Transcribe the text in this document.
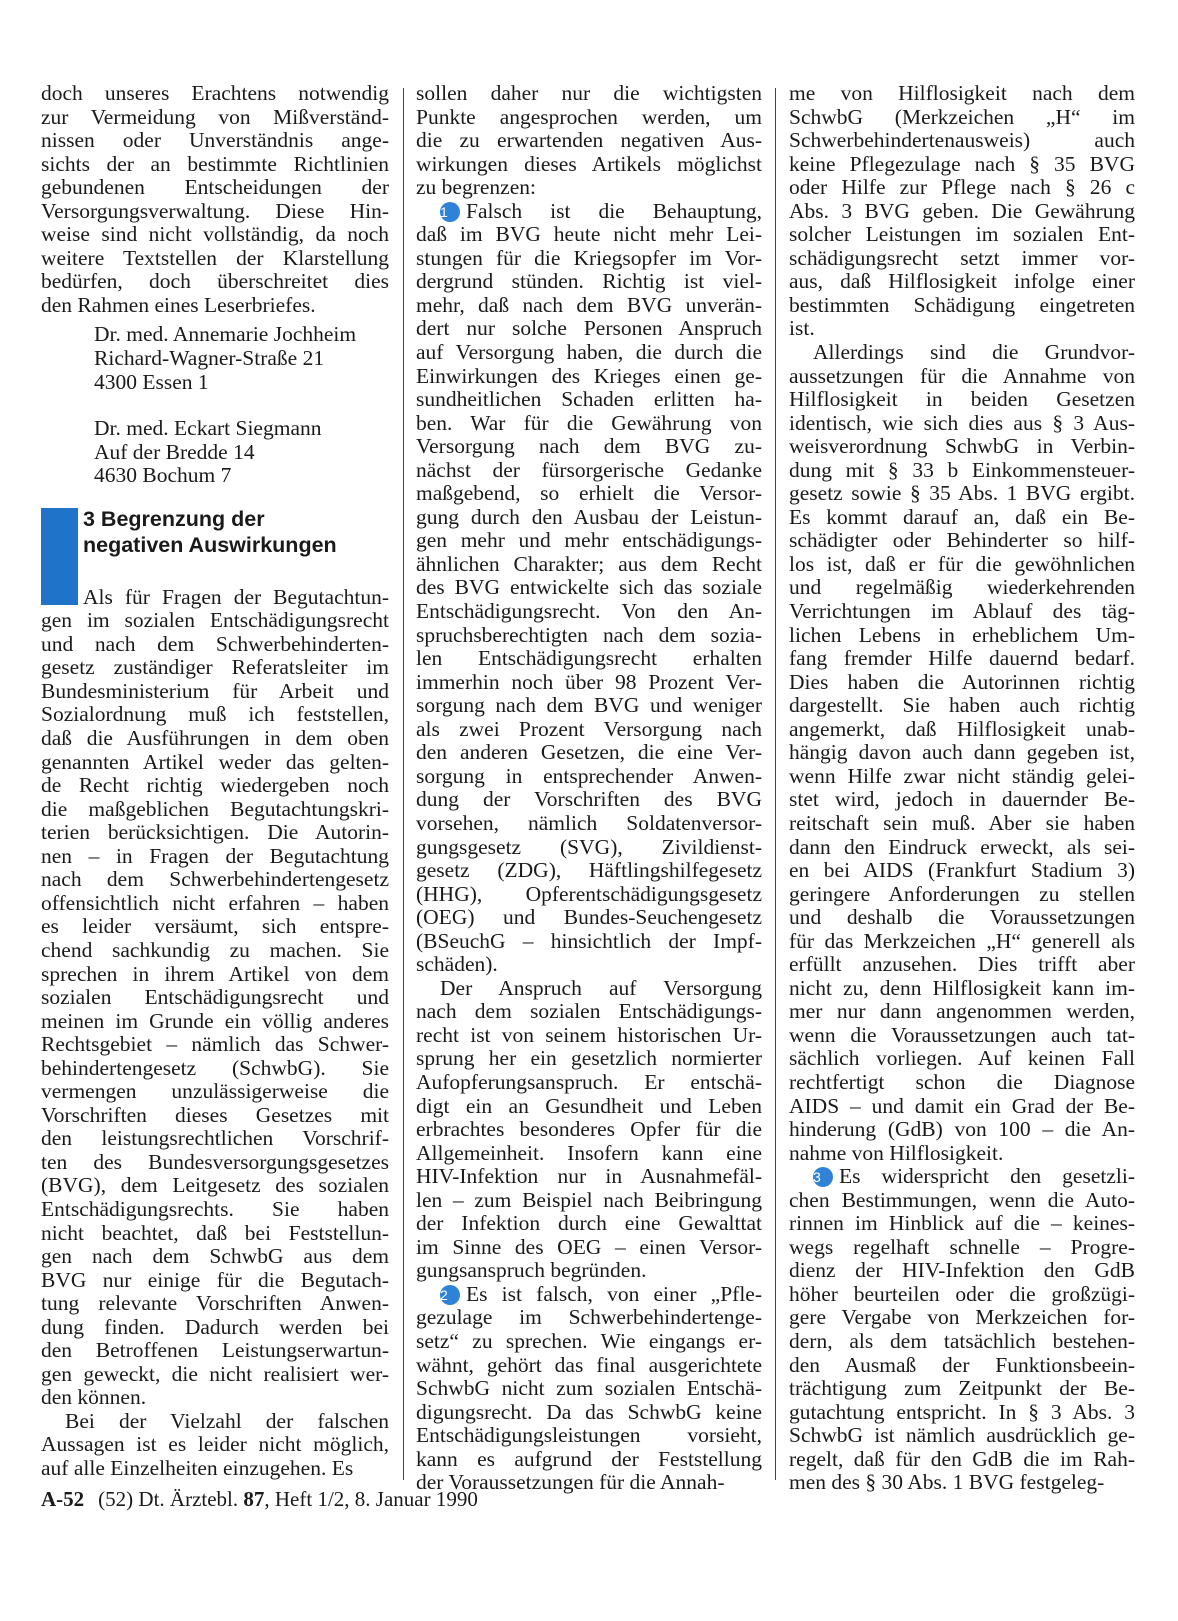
doch unseres Erachtens notwendig
zur Vermeidung von Mißverständ-
nissen oder Unverständnis ange-
sichts der an bestimmte Richtlinien
gebundenen Entscheidungen der
Versorgungsverwaltung. Diese Hin-
weise sind nicht vollständig, da noch
weitere Textstellen der Klarstellung
bedürfen, doch überschreitet dies
den Rahmen eines Leserbriefes.
Dr. med. Annemarie Jochheim
Richard-Wagner-Straße 21
4300 Essen 1
Dr. med. Eckart Siegmann
Auf der Bredde 14
4630 Bochum 7
3 Begrenzung der
negativen Auswirkungen
Als für Fragen der Begutachtun-
gen im sozialen Entschädigungsrecht
und nach dem Schwerbehinderten-
gesetz zuständiger Referatsleiter im
Bundesministerium für Arbeit und
Sozialordnung muß ich feststellen,
daß die Ausführungen in dem oben
genannten Artikel weder das gelten-
de Recht richtig wiedergeben noch
die maßgeblichen Begutachtungskri-
terien berücksichtigen. Die Autorin-
nen – in Fragen der Begutachtung
nach dem Schwerbehindertengesetz
offensichtlich nicht erfahren – haben
es leider versäumt, sich entspre-
chend sachkundig zu machen. Sie
sprechen in ihrem Artikel von dem
sozialen Entschädigungsrecht und
meinen im Grunde ein völlig anderes
Rechtsgebiet – nämlich das Schwer-
behindertengesetz (SchwbG). Sie
vermengen unzulässigerweise die
Vorschriften dieses Gesetzes mit
den leistungsrechtlichen Vorschrif-
ten des Bundesversorgungsgesetzes
(BVG), dem Leitgesetz des sozialen
Entschädigungsrechts. Sie haben
nicht beachtet, daß bei Feststellun-
gen nach dem SchwbG aus dem
BVG nur einige für die Begutach-
tung relevante Vorschriften Anwen-
dung finden. Dadurch werden bei
den Betroffenen Leistungserwartun-
gen geweckt, die nicht realisiert wer-
den können.
Bei der Vielzahl der falschen
Aussagen ist es leider nicht möglich,
auf alle Einzelheiten einzugehen. Es
sollen daher nur die wichtigsten
Punkte angesprochen werden, um
die zu erwartenden negativen Aus-
wirkungen dieses Artikels möglichst
zu begrenzen:
1 Falsch ist die Behauptung,
daß im BVG heute nicht mehr Lei-
stungen für die Kriegsopfer im Vor-
dergrund stünden. Richtig ist viel-
mehr, daß nach dem BVG unverän-
dert nur solche Personen Anspruch
auf Versorgung haben, die durch die
Einwirkungen des Krieges einen ge-
sundheitlichen Schaden erlitten ha-
ben. War für die Gewährung von
Versorgung nach dem BVG zu-
nächst der fürsorgerische Gedanke
maßgebend, so erhielt die Versor-
gung durch den Ausbau der Leistun-
gen mehr und mehr entschädigungs-
ähnlichen Charakter; aus dem Recht
des BVG entwickelte sich das soziale
Entschädigungsrecht. Von den An-
spruchsberechtigten nach dem sozia-
len Entschädigungsrecht erhalten
immerhin noch über 98 Prozent Ver-
sorgung nach dem BVG und weniger
als zwei Prozent Versorgung nach
den anderen Gesetzen, die eine Ver-
sorgung in entsprechender Anwen-
dung der Vorschriften des BVG
vorsehen, nämlich Soldatenversor-
gungsgesetz (SVG), Zivildienst-
gesetz (ZDG), Häftlingshilfegesetz
(HHG), Opferentschädigungsgesetz
(OEG) und Bundes-Seuchengesetz
(BSeuchG – hinsichtlich der Impf-
schäden).
Der Anspruch auf Versorgung
nach dem sozialen Entschädigungs-
recht ist von seinem historischen Ur-
sprung her ein gesetzlich normierter
Aufopferungsanspruch. Er entschä-
digt ein an Gesundheit und Leben
erbrachtes besonderes Opfer für die
Allgemeinheit. Insofern kann eine
HIV-Infektion nur in Ausnahmefäl-
len – zum Beispiel nach Beibringung
der Infektion durch eine Gewalttat
im Sinne des OEG – einen Versor-
gungsanspruch begründen.
2 Es ist falsch, von einer „Pfle-
gezulage im Schwerbehindertenge-
setz“ zu sprechen. Wie eingangs er-
wähnt, gehört das final ausgerichtete
SchwbG nicht zum sozialen Entschä-
digungsrecht. Da das SchwbG keine
Entschädigungsleistungen vorsieht,
kann es aufgrund der Feststellung
der Voraussetzungen für die Annah-
me von Hilflosigkeit nach dem
SchwbG (Merkzeichen „H“ im
Schwerbehindertenausweis) auch
keine Pflegezulage nach § 35 BVG
oder Hilfe zur Pflege nach § 26 c
Abs. 3 BVG geben. Die Gewährung
solcher Leistungen im sozialen Ent-
schädigungsrecht setzt immer vor-
aus, daß Hilflosigkeit infolge einer
bestimmten Schädigung eingetreten
ist.
Allerdings sind die Grundvor-
aussetzungen für die Annahme von
Hilflosigkeit in beiden Gesetzen
identisch, wie sich dies aus § 3 Aus-
weisverordnung SchwbG in Verbin-
dung mit § 33 b Einkommensteuer-
gesetz sowie § 35 Abs. 1 BVG ergibt.
Es kommt darauf an, daß ein Be-
schädigter oder Behinderter so hilf-
los ist, daß er für die gewöhnlichen
und regelmäßig wiederkehrenden
Verrichtungen im Ablauf des täg-
lichen Lebens in erheblichem Um-
fang fremder Hilfe dauernd bedarf.
Dies haben die Autorinnen richtig
dargestellt. Sie haben auch richtig
angemerkt, daß Hilflosigkeit unab-
hängig davon auch dann gegeben ist,
wenn Hilfe zwar nicht ständig gelei-
stet wird, jedoch in dauernder Be-
reitschaft sein muß. Aber sie haben
dann den Eindruck erweckt, als sei-
en bei AIDS (Frankfurt Stadium 3)
geringere Anforderungen zu stellen
und deshalb die Voraussetzungen
für das Merkzeichen „H“ generell als
erfüllt anzusehen. Dies trifft aber
nicht zu, denn Hilflosigkeit kann im-
mer nur dann angenommen werden,
wenn die Voraussetzungen auch tat-
sächlich vorliegen. Auf keinen Fall
rechtfertigt schon die Diagnose
AIDS – und damit ein Grad der Be-
hinderung (GdB) von 100 – die An-
nahme von Hilflosigkeit.
3 Es widerspricht den gesetzli-
chen Bestimmungen, wenn die Auto-
rinnen im Hinblick auf die – keines-
wegs regelhaft schnelle – Progre-
dienz der HIV-Infektion den GdB
höher beurteilen oder die großzügi-
gere Vergabe von Merkzeichen for-
dern, als dem tatsächlich bestehen-
den Ausmaß der Funktionsbeein-
trächtigung zum Zeitpunkt der Be-
gutachtung entspricht. In § 3 Abs. 3
SchwbG ist nämlich ausdrücklich ge-
regelt, daß für den GdB die im Rah-
men des § 30 Abs. 1 BVG festgeleg-
A-52 (52) Dt. Ärztebl. 87, Heft 1/2, 8. Januar 1990
